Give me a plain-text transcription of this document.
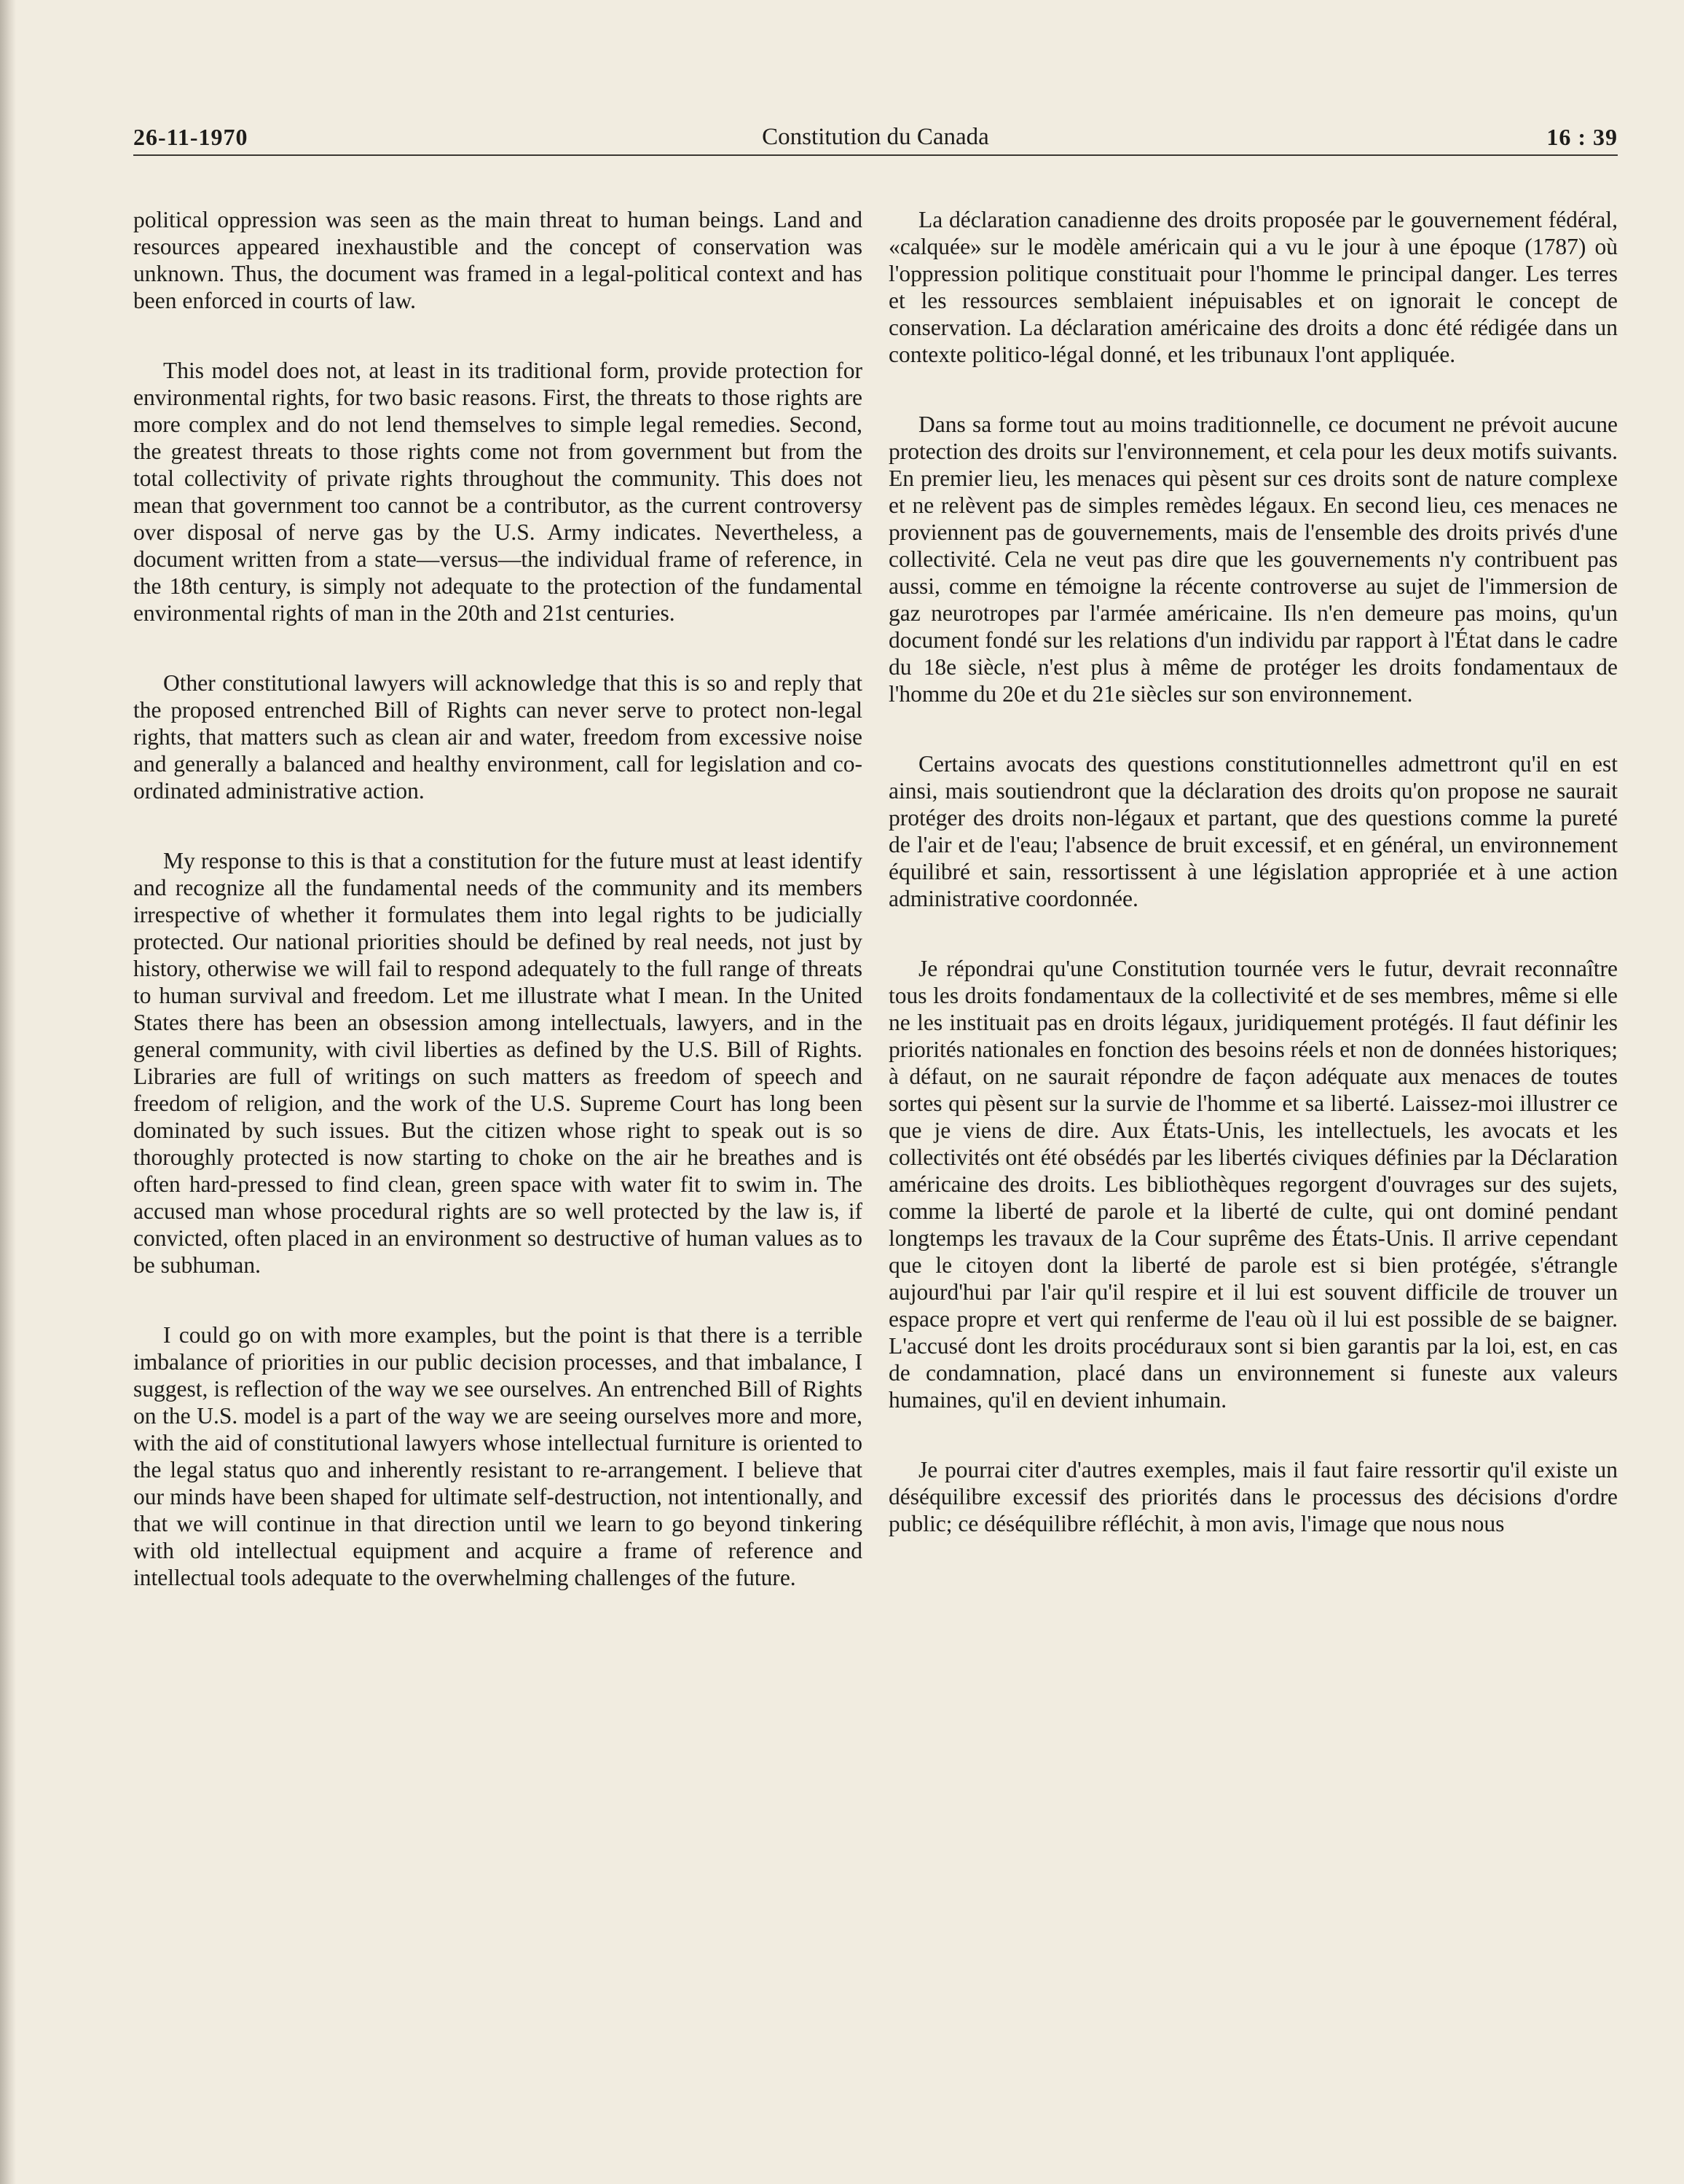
26-11-1970	Constitution du Canada	16 : 39

political oppression was seen as the main threat to human beings. Land and resources appeared inexhaustible and the concept of conservation was unknown. Thus, the document was framed in a legal-political context and has been enforced in courts of law.

This model does not, at least in its traditional form, provide protection for environmental rights, for two basic reasons. First, the threats to those rights are more complex and do not lend themselves to simple legal remedies. Second, the greatest threats to those rights come not from government but from the total collectivity of private rights throughout the community. This does not mean that government too cannot be a contributor, as the current controversy over disposal of nerve gas by the U.S. Army indicates. Nevertheless, a document written from a state—versus—the individual frame of reference, in the 18th century, is simply not adequate to the protection of the fundamental environmental rights of man in the 20th and 21st centuries.

Other constitutional lawyers will acknowledge that this is so and reply that the proposed entrenched Bill of Rights can never serve to protect non-legal rights, that matters such as clean air and water, freedom from excessive noise and generally a balanced and healthy environment, call for legislation and co-ordinated administrative action.

My response to this is that a constitution for the future must at least identify and recognize all the fundamental needs of the community and its members irrespective of whether it formulates them into legal rights to be judicially protected. Our national priorities should be defined by real needs, not just by history, otherwise we will fail to respond adequately to the full range of threats to human survival and freedom. Let me illustrate what I mean. In the United States there has been an obsession among intellectuals, lawyers, and in the general community, with civil liberties as defined by the U.S. Bill of Rights. Libraries are full of writings on such matters as freedom of speech and freedom of religion, and the work of the U.S. Supreme Court has long been dominated by such issues. But the citizen whose right to speak out is so thoroughly protected is now starting to choke on the air he breathes and is often hard-pressed to find clean, green space with water fit to swim in. The accused man whose procedural rights are so well protected by the law is, if convicted, often placed in an environment so destructive of human values as to be subhuman.

I could go on with more examples, but the point is that there is a terrible imbalance of priorities in our public decision processes, and that imbalance, I suggest, is reflection of the way we see ourselves. An entrenched Bill of Rights on the U.S. model is a part of the way we are seeing ourselves more and more, with the aid of constitutional lawyers whose intellectual furniture is oriented to the legal status quo and inherently resistant to re-arrangement. I believe that our minds have been shaped for ultimate self-destruction, not intentionally, and that we will continue in that direction until we learn to go beyond tinkering with old intellectual equipment and acquire a frame of reference and intellectual tools adequate to the overwhelming challenges of the future.

La déclaration canadienne des droits proposée par le gouvernement fédéral, «calquée» sur le modèle américain qui a vu le jour à une époque (1787) où l'oppression politique constituait pour l'homme le principal danger. Les terres et les ressources semblaient inépuisables et on ignorait le concept de conservation. La déclaration américaine des droits a donc été rédigée dans un contexte politico-légal donné, et les tribunaux l'ont appliquée.

Dans sa forme tout au moins traditionnelle, ce document ne prévoit aucune protection des droits sur l'environnement, et cela pour les deux motifs suivants. En premier lieu, les menaces qui pèsent sur ces droits sont de nature complexe et ne relèvent pas de simples remèdes légaux. En second lieu, ces menaces ne proviennent pas de gouvernements, mais de l'ensemble des droits privés d'une collectivité. Cela ne veut pas dire que les gouvernements n'y contribuent pas aussi, comme en témoigne la récente controverse au sujet de l'immersion de gaz neurotropes par l'armée américaine. Ils n'en demeure pas moins, qu'un document fondé sur les relations d'un individu par rapport à l'État dans le cadre du 18e siècle, n'est plus à même de protéger les droits fondamentaux de l'homme du 20e et du 21e siècles sur son environnement.

Certains avocats des questions constitutionnelles admettront qu'il en est ainsi, mais soutiendront que la déclaration des droits qu'on propose ne saurait protéger des droits non-légaux et partant, que des questions comme la pureté de l'air et de l'eau; l'absence de bruit excessif, et en général, un environnement équilibré et sain, ressortissent à une législation appropriée et à une action administrative coordonnée.

Je répondrai qu'une Constitution tournée vers le futur, devrait reconnaître tous les droits fondamentaux de la collectivité et de ses membres, même si elle ne les instituait pas en droits légaux, juridiquement protégés. Il faut définir les priorités nationales en fonction des besoins réels et non de données historiques; à défaut, on ne saurait répondre de façon adéquate aux menaces de toutes sortes qui pèsent sur la survie de l'homme et sa liberté. Laissez-moi illustrer ce que je viens de dire. Aux États-Unis, les intellectuels, les avocats et les collectivités ont été obsédés par les libertés civiques définies par la Déclaration américaine des droits. Les bibliothèques regorgent d'ouvrages sur des sujets, comme la liberté de parole et la liberté de culte, qui ont dominé pendant longtemps les travaux de la Cour suprême des États-Unis. Il arrive cependant que le citoyen dont la liberté de parole est si bien protégée, s'étrangle aujourd'hui par l'air qu'il respire et il lui est souvent difficile de trouver un espace propre et vert qui renferme de l'eau où il lui est possible de se baigner. L'accusé dont les droits procéduraux sont si bien garantis par la loi, est, en cas de condamnation, placé dans un environnement si funeste aux valeurs humaines, qu'il en devient inhumain.

Je pourrai citer d'autres exemples, mais il faut faire ressortir qu'il existe un déséquilibre excessif des priorités dans le processus des décisions d'ordre public; ce déséquilibre réfléchit, à mon avis, l'image que nous nous
